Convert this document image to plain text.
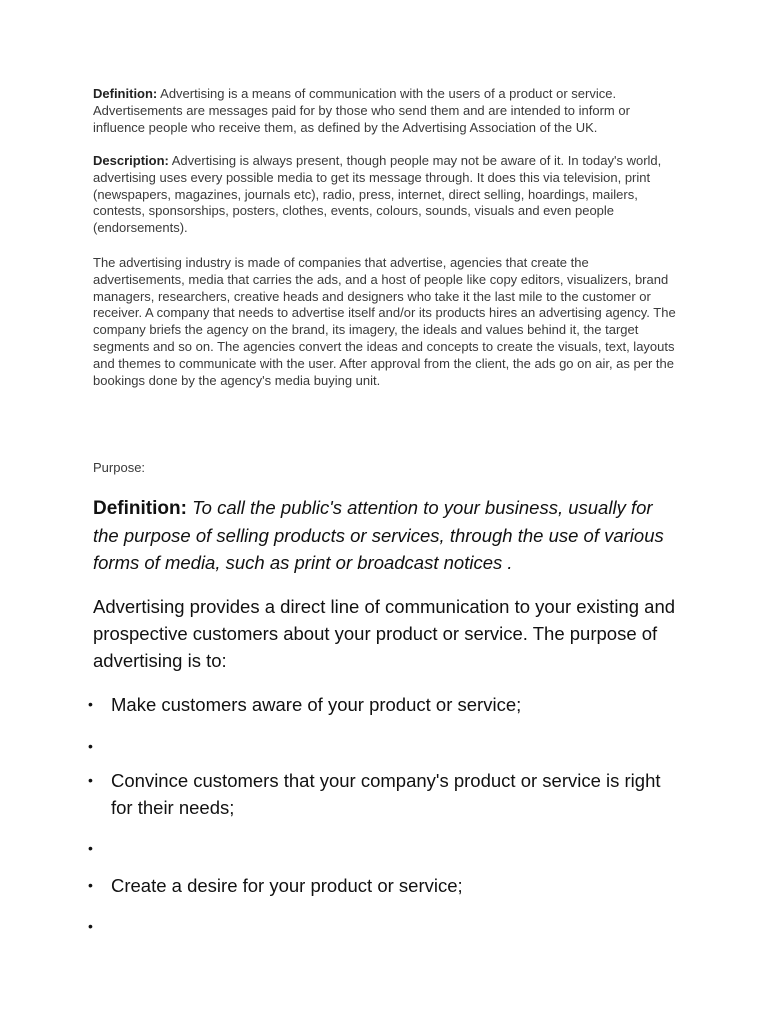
Definition: Advertising is a means of communication with the users of a product or service. Advertisements are messages paid for by those who send them and are intended to inform or influence people who receive them, as defined by the Advertising Association of the UK.
Description: Advertising is always present, though people may not be aware of it. In today's world, advertising uses every possible media to get its message through. It does this via television, print (newspapers, magazines, journals etc), radio, press, internet, direct selling, hoardings, mailers, contests, sponsorships, posters, clothes, events, colours, sounds, visuals and even people (endorsements).
The advertising industry is made of companies that advertise, agencies that create the advertisements, media that carries the ads, and a host of people like copy editors, visualizers, brand managers, researchers, creative heads and designers who take it the last mile to the customer or receiver. A company that needs to advertise itself and/or its products hires an advertising agency. The company briefs the agency on the brand, its imagery, the ideals and values behind it, the target segments and so on. The agencies convert the ideas and concepts to create the visuals, text, layouts and themes to communicate with the user. After approval from the client, the ads go on air, as per the bookings done by the agency's media buying unit.
Purpose:
Definition: To call the public's attention to your business, usually for the purpose of selling products or services, through the use of various forms of media, such as print or broadcast notices .
Advertising provides a direct line of communication to your existing and prospective customers about your product or service. The purpose of advertising is to:
• Make customers aware of your product or service;
•
• Convince customers that your company's product or service is right for their needs;
•
• Create a desire for your product or service;
•
